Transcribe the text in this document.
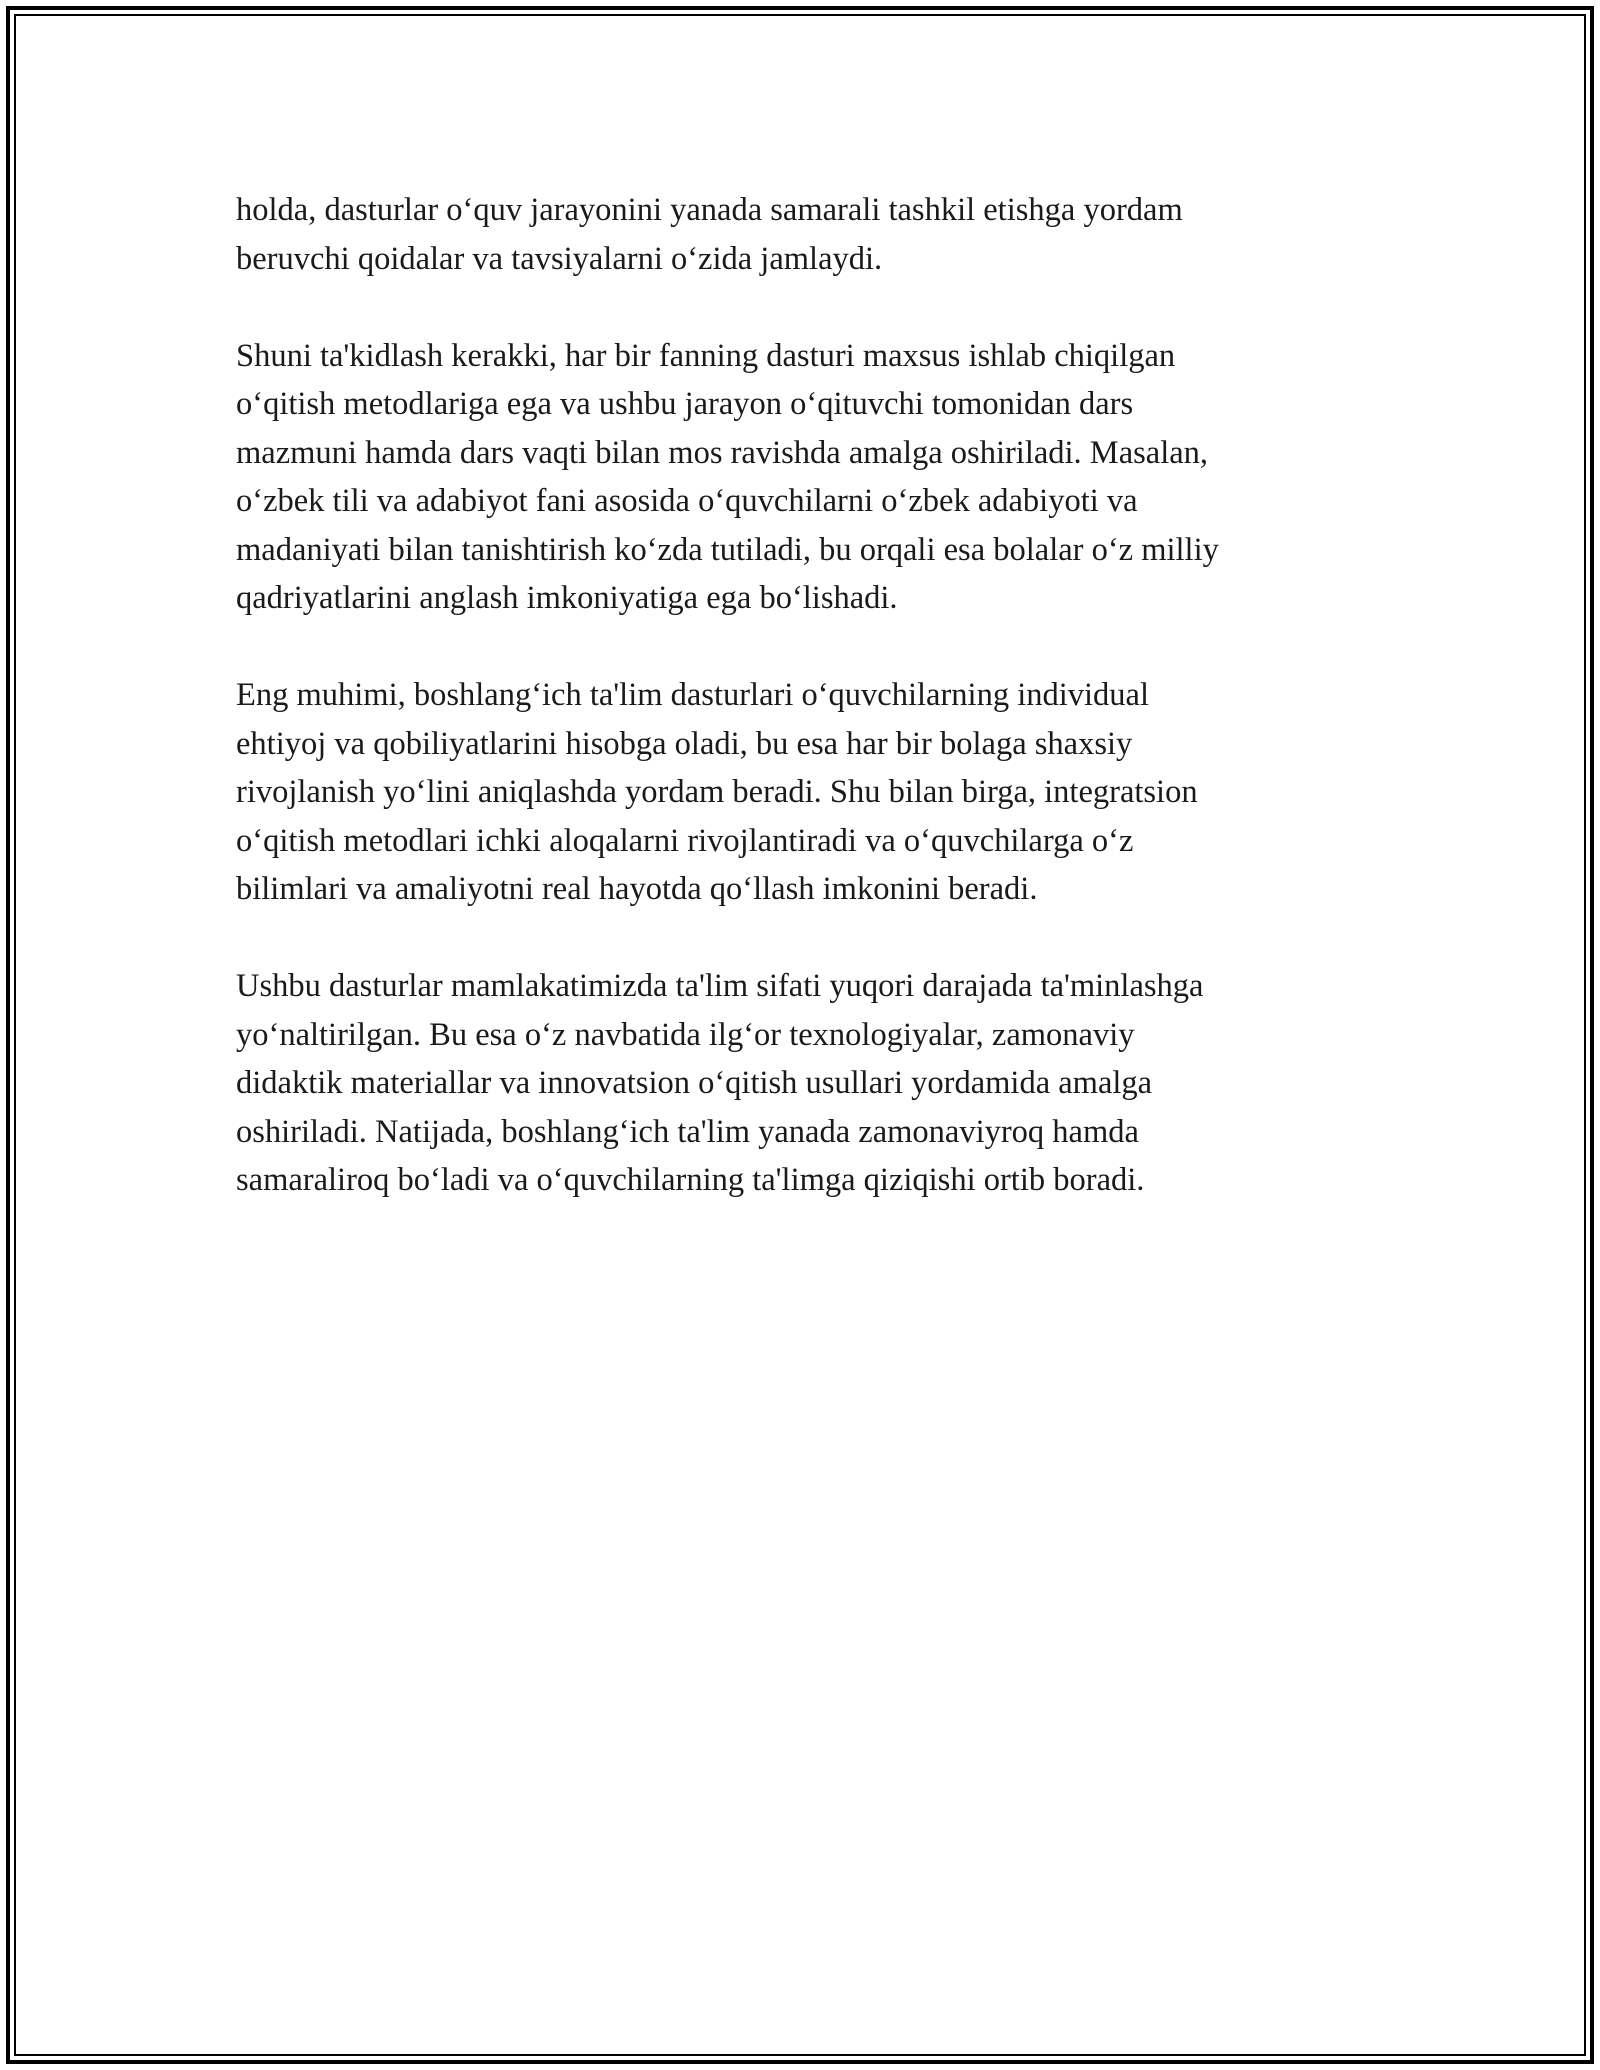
holda, dasturlar o‘quv jarayonini yanada samarali tashkil etishga yordam
beruvchi qoidalar va tavsiyalarni o‘zida jamlaydi.

Shuni ta'kidlash kerakki, har bir fanning dasturi maxsus ishlab chiqilgan
o‘qitish metodlariga ega va ushbu jarayon o‘qituvchi tomonidan dars
mazmuni hamda dars vaqti bilan mos ravishda amalga oshiriladi. Masalan,
o‘zbek tili va adabiyot fani asosida o‘quvchilarni o‘zbek adabiyoti va
madaniyati bilan tanishtirish ko‘zda tutiladi, bu orqali esa bolalar o‘z milliy
qadriyatlarini anglash imkoniyatiga ega bo‘lishadi.

Eng muhimi, boshlang‘ich ta'lim dasturlari o‘quvchilarning individual
ehtiyoj va qobiliyatlarini hisobga oladi, bu esa har bir bolaga shaxsiy
rivojlanish yo‘lini aniqlashda yordam beradi. Shu bilan birga, integratsion
o‘qitish metodlari ichki aloqalarni rivojlantiradi va o‘quvchilarga o‘z
bilimlari va amaliyotni real hayotda qo‘llash imkonini beradi.

Ushbu dasturlar mamlakatimizda ta'lim sifati yuqori darajada ta'minlashga
yo‘naltirilgan. Bu esa o‘z navbatida ilg‘or texnologiyalar, zamonaviy
didaktik materiallar va innovatsion o‘qitish usullari yordamida amalga
oshiriladi. Natijada, boshlang‘ich ta'lim yanada zamonaviyroq hamda
samaraliroq bo‘ladi va o‘quvchilarning ta'limga qiziqishi ortib boradi.
